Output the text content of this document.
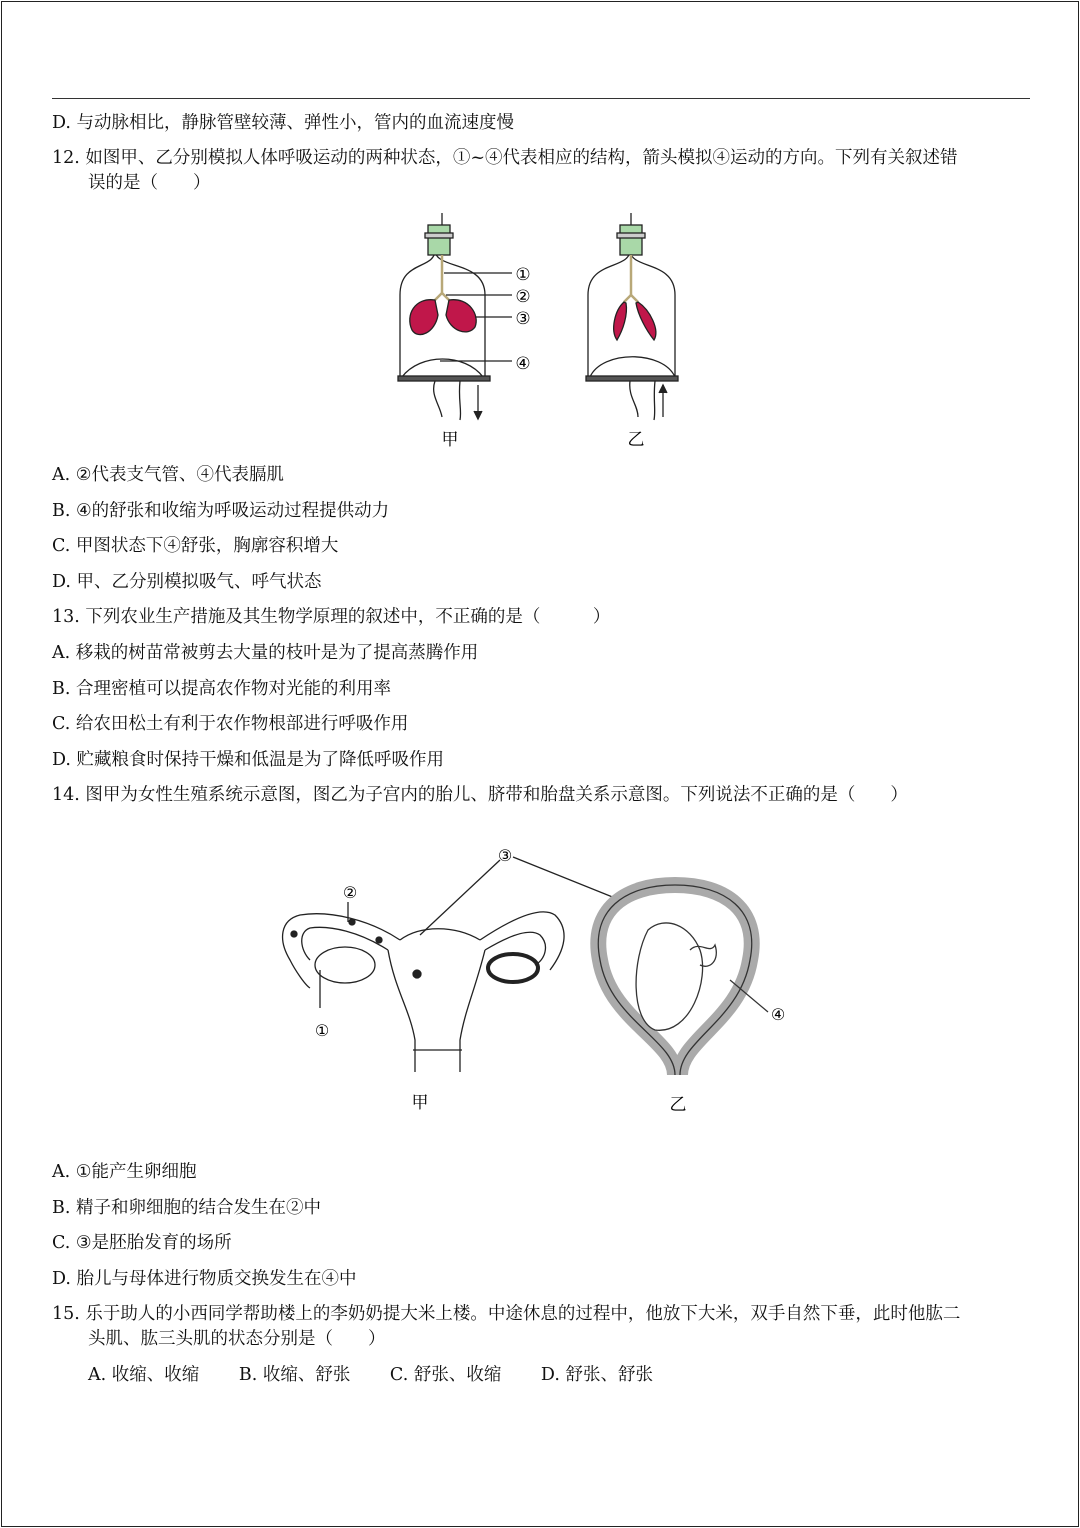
D. 与动脉相比，静脉管壁较薄、弹性小，管内的血流速度慢
12. 如图甲、乙分别模拟人体呼吸运动的两种状态，①~④代表相应的结构，箭头模拟④运动的方向。下列有关叙述错
误的是（　　）
①
②
③
④
甲	乙
A. ②代表支气管、④代表膈肌
B. ④的舒张和收缩为呼吸运动过程提供动力
C. 甲图状态下④舒张，胸廓容积增大
D. 甲、乙分别模拟吸气、呼气状态
13. 下列农业生产措施及其生物学原理的叙述中，不正确的是（　　　）
A. 移栽的树苗常被剪去大量的枝叶是为了提高蒸腾作用
B. 合理密植可以提高农作物对光能的利用率
C. 给农田松土有利于农作物根部进行呼吸作用
D. 贮藏粮食时保持干燥和低温是为了降低呼吸作用
14. 图甲为女性生殖系统示意图，图乙为子宫内的胎儿、脐带和胎盘关系示意图。下列说法不正确的是（　　）
②
①
③
甲
④
乙
A. ①能产生卵细胞
B. 精子和卵细胞的结合发生在②中
C. ③是胚胎发育的场所
D. 胎儿与母体进行物质交换发生在④中
15. 乐于助人的小西同学帮助楼上的李奶奶提大米上楼。中途休息的过程中，他放下大米，双手自然下垂，此时他肱二
头肌、肱三头肌的状态分别是（　　）
A. 收缩、收缩 B. 收缩、舒张 C. 舒张、收缩 D. 舒张、舒张
